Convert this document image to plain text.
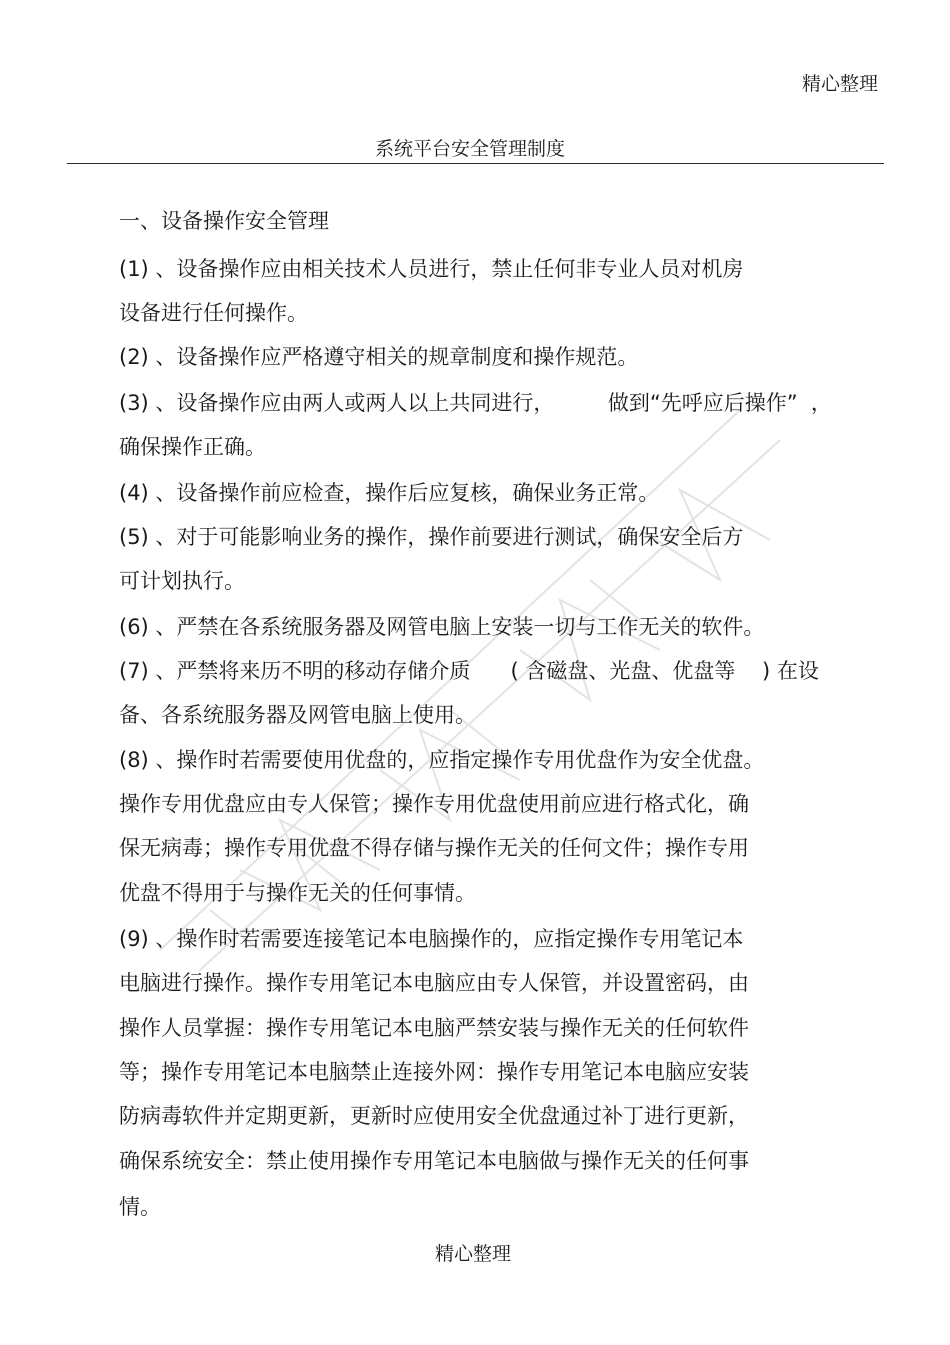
精心整理
系统平台安全管理制度
一、设备操作安全管理
(1) 、设备操作应由相关技术人员进行，禁止任何非专业人员对机房
设备进行任何操作。
(2) 、设备操作应严格遵守相关的规章制度和操作规范。
(3) 、设备操作应由两人或两人以上共同进行，        做到“先呼应后操作”  ，
确保操作正确。
(4) 、设备操作前应检查，操作后应复核，确保业务正常。
(5) 、对于可能影响业务的操作，操作前要进行测试，确保安全后方
可计划执行。
(6) 、严禁在各系统服务器及网管电脑上安装一切与工作无关的软件。
(7) 、严禁将来历不明的移动存储介质      ( 含磁盘、光盘、优盘等    ) 在设
备、各系统服务器及网管电脑上使用。
(8) 、操作时若需要使用优盘的，应指定操作专用优盘作为安全优盘。
操作专用优盘应由专人保管；操作专用优盘使用前应进行格式化，确
保无病毒；操作专用优盘不得存储与操作无关的任何文件；操作专用
优盘不得用于与操作无关的任何事情。
(9) 、操作时若需要连接笔记本电脑操作的，应指定操作专用笔记本
电脑进行操作。操作专用笔记本电脑应由专人保管，并设置密码，由
操作人员掌握：操作专用笔记本电脑严禁安装与操作无关的任何软件
等；操作专用笔记本电脑禁止连接外网：操作专用笔记本电脑应安装
防病毒软件并定期更新，更新时应使用安全优盘通过补丁进行更新，
确保系统安全：禁止使用操作专用笔记本电脑做与操作无关的任何事
情。
精心整理
